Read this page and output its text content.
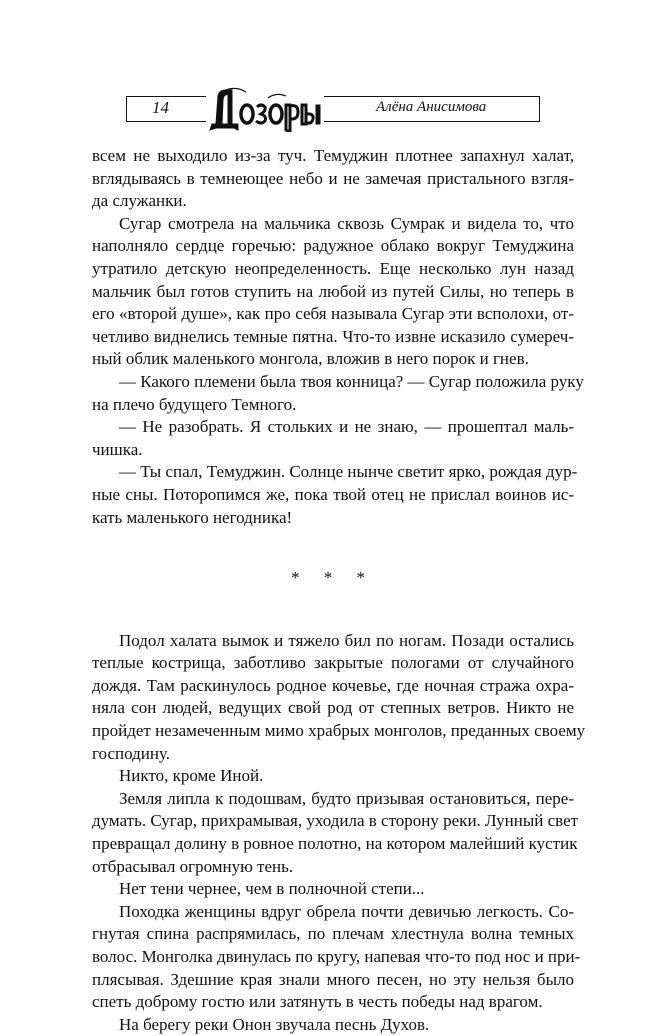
14	Алёна Анисимова
всем не выходило из-за туч. Темуджин плотнее запахнул халат,
вглядываясь в темнеющее небо и не замечая пристального взгля-
да служанки.
Сугар смотрела на мальчика сквозь Сумрак и видела то, что
наполняло сердце горечью: радужное облако вокруг Темуджина
утратило детскую неопределенность. Еще несколько лун назад
мальчик был готов ступить на любой из путей Силы, но теперь в
его «второй душе», как про себя называла Сугар эти всполохи, от-
четливо виднелись темные пятна. Что-то извне исказило сумереч-
ный облик маленького монгола, вложив в него порок и гнев.
— Какого племени была твоя конница? — Сугар положила руку
на плечо будущего Темного.
— Не разобрать. Я стольких и не знаю, — прошептал маль-
чишка.
— Ты спал, Темуджин. Солнце нынче светит ярко, рождая дур-
ные сны. Поторопимся же, пока твой отец не прислал воинов ис-
кать маленького негодника!
* * *
Подол халата вымок и тяжело бил по ногам. Позади остались
теплые кострища, заботливо закрытые пологами от случайного
дождя. Там раскинулось родное кочевье, где ночная стража охра-
няла сон людей, ведущих свой род от степных ветров. Никто не
пройдет незамеченным мимо храбрых монголов, преданных своему
господину.
Никто, кроме Иной.
Земля липла к подошвам, будто призывая остановиться, пере-
думать. Сугар, прихрамывая, уходила в сторону реки. Лунный свет
превращал долину в ровное полотно, на котором малейший кустик
отбрасывал огромную тень.
Нет тени чернее, чем в полночной степи...
Походка женщины вдруг обрела почти девичью легкость. Со-
гнутая спина распрямилась, по плечам хлестнула волна темных
волос. Монголка двинулась по кругу, напевая что-то под нос и при-
плясывая. Здешние края знали много песен, но эту нельзя было
спеть доброму гостю или затянуть в честь победы над врагом.
На берегу реки Онон звучала песнь Духов.
